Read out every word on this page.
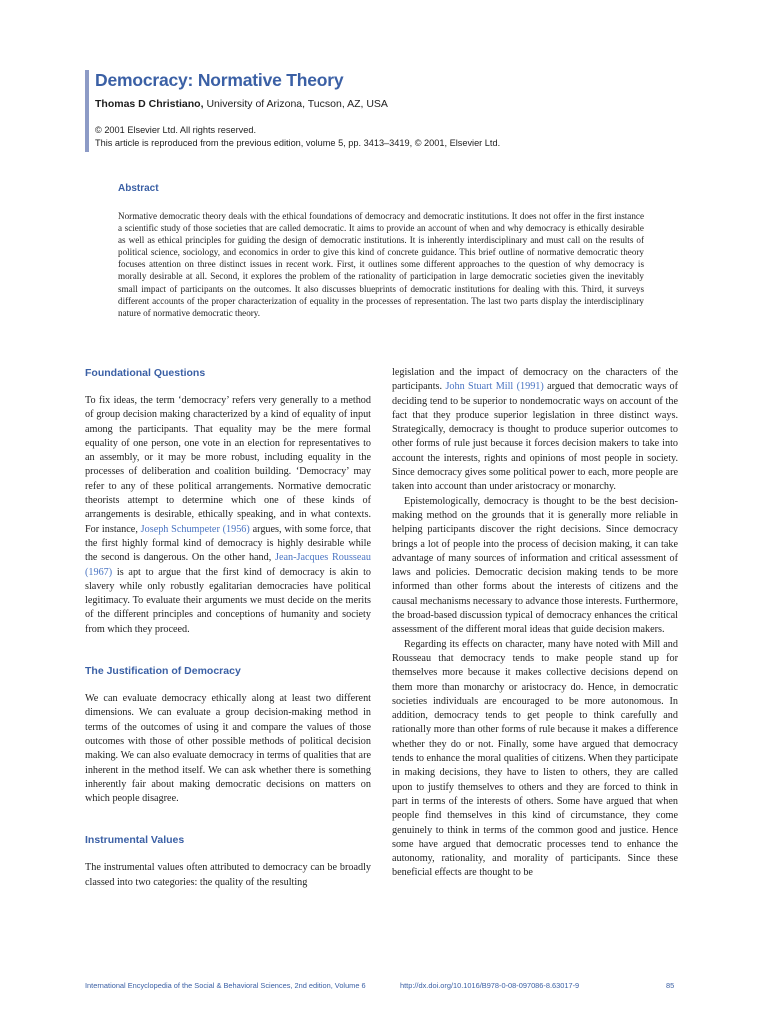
Democracy: Normative Theory
Thomas D Christiano, University of Arizona, Tucson, AZ, USA
© 2001 Elsevier Ltd. All rights reserved.
This article is reproduced from the previous edition, volume 5, pp. 3413–3419, © 2001, Elsevier Ltd.
Abstract

Normative democratic theory deals with the ethical foundations of democracy and democratic institutions. It does not offer in the first instance a scientific study of those societies that are called democratic. It aims to provide an account of when and why democracy is ethically desirable as well as ethical principles for guiding the design of democratic institutions. It is inherently interdisciplinary and must call on the results of political science, sociology, and economics in order to give this kind of concrete guidance. This brief outline of normative democratic theory focuses attention on three distinct issues in recent work. First, it outlines some different approaches to the question of why democracy is morally desirable at all. Second, it explores the problem of the rationality of participation in large democratic societies given the inevitably small impact of participants on the outcomes. It also discusses blueprints of democratic institutions for dealing with this. Third, it surveys different accounts of the proper characterization of equality in the processes of representation. The last two parts display the interdisciplinary nature of normative democratic theory.

Foundational Questions

To fix ideas, the term ‘democracy’ refers very generally to a method of group decision making characterized by a kind of equality of input among the participants. That equality may be the mere formal equality of one person, one vote in an election for representatives to an assembly, or it may be more robust, including equality in the processes of deliberation and coalition building. ‘Democracy’ may refer to any of these political arrangements. Normative democratic theorists attempt to determine which one of these kinds of arrangements is desirable, ethically speaking, and in what contexts. For instance, Joseph Schumpeter (1956) argues, with some force, that the first highly formal kind of democracy is highly desirable while the second is dangerous. On the other hand, Jean-Jacques Rousseau (1967) is apt to argue that the first kind of democracy is akin to slavery while only robustly egalitarian democracies have political legitimacy. To evaluate their arguments we must decide on the merits of the different principles and conceptions of humanity and society from which they proceed.

The Justification of Democracy

We can evaluate democracy ethically along at least two different dimensions. We can evaluate a group decision-making method in terms of the outcomes of using it and compare the values of those outcomes with those of other possible methods of political decision making. We can also evaluate democracy in terms of qualities that are inherent in the method itself. We can ask whether there is something inherently fair about making democratic decisions on matters on which people disagree.

Instrumental Values

The instrumental values often attributed to democracy can be broadly classed into two categories: the quality of the resulting

legislation and the impact of democracy on the characters of the participants. John Stuart Mill (1991) argued that democratic ways of deciding tend to be superior to nondemocratic ways on account of the fact that they produce superior legislation in three distinct ways. Strategically, democracy is thought to produce superior outcomes to other forms of rule just because it forces decision makers to take into account the interests, rights and opinions of most people in society. Since democracy gives some political power to each, more people are taken into account than under aristocracy or monarchy.

Epistemologically, democracy is thought to be the best decision-making method on the grounds that it is generally more reliable in helping participants discover the right decisions. Since democracy brings a lot of people into the process of decision making, it can take advantage of many sources of information and critical assessment of laws and policies. Democratic decision making tends to be more informed than other forms about the interests of citizens and the causal mechanisms necessary to advance those interests. Furthermore, the broad-based discussion typical of democracy enhances the critical assessment of the different moral ideas that guide decision makers.

Regarding its effects on character, many have noted with Mill and Rousseau that democracy tends to make people stand up for themselves more because it makes collective decisions depend on them more than monarchy or aristocracy do. Hence, in democratic societies individuals are encouraged to be more autonomous. In addition, democracy tends to get people to think carefully and rationally more than other forms of rule because it makes a difference whether they do or not. Finally, some have argued that democracy tends to enhance the moral qualities of citizens. When they participate in making decisions, they have to listen to others, they are called upon to justify themselves to others and they are forced to think in part in terms of the interests of others. Some have argued that when people find themselves in this kind of circumstance, they come genuinely to think in terms of the common good and justice. Hence some have argued that democratic processes tend to enhance the autonomy, rationality, and morality of participants. Since these beneficial effects are thought to be

International Encyclopedia of the Social & Behavioral Sciences, 2nd edition, Volume 6	http://dx.doi.org/10.1016/B978-0-08-097086-8.63017-9	85
